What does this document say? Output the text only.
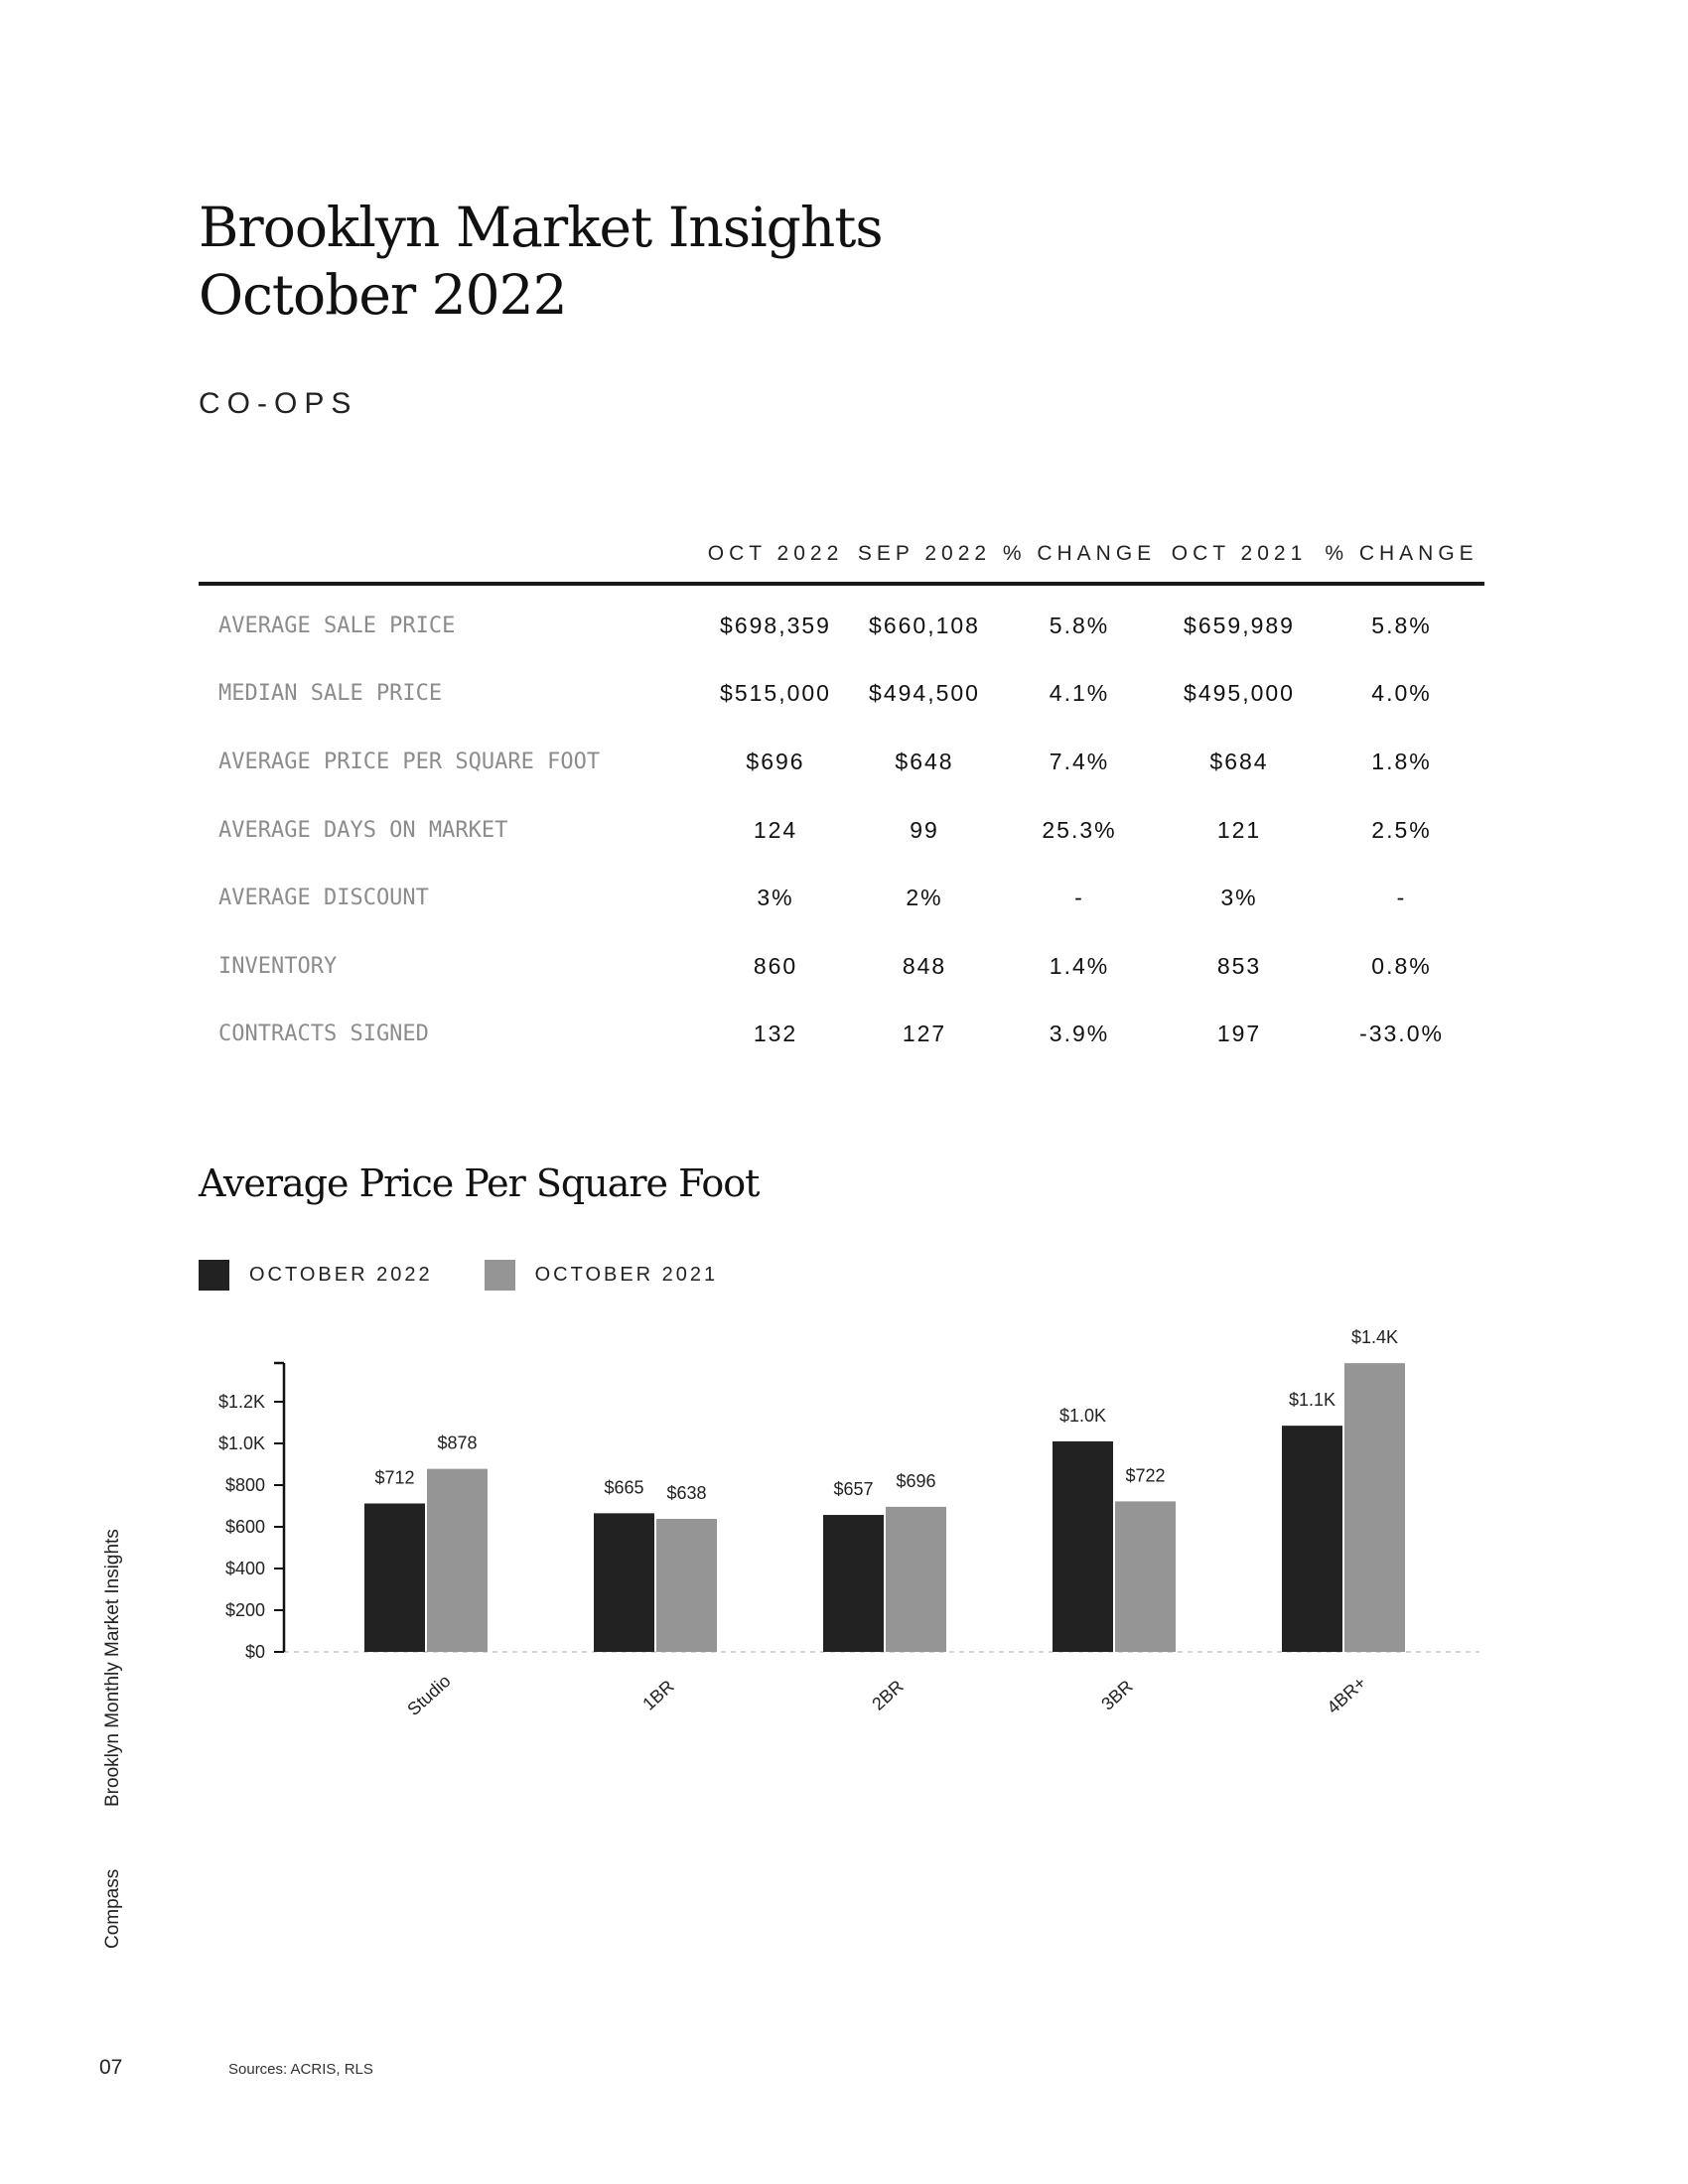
Brooklyn Market Insights
October 2022
CO-OPS
	OCT 2022	SEP 2022	% CHANGE	OCT 2021	% CHANGE
AVERAGE SALE PRICE	$698,359	$660,108	5.8%	$659,989	5.8%
MEDIAN SALE PRICE	$515,000	$494,500	4.1%	$495,000	4.0%
AVERAGE PRICE PER SQUARE FOOT	$696	$648	7.4%	$684	1.8%
AVERAGE DAYS ON MARKET	124	99	25.3%	121	2.5%
AVERAGE DISCOUNT	3%	2%	-	3%	-
INVENTORY	860	848	1.4%	853	0.8%
CONTRACTS SIGNED	132	127	3.9%	197	-33.0%
Average Price Per Square Foot
OCTOBER 2022	OCTOBER 2021
$0
$200
$400
$600
$800
$1.0K
$1.2K
$712
$878
Studio
$665 $638
1BR
$657 $696
2BR
$1.0K
$722
3BR
$1.1K
$1.4K
4BR+
Compass
Brooklyn Monthly Market Insights
07	Sources: ACRIS, RLS
